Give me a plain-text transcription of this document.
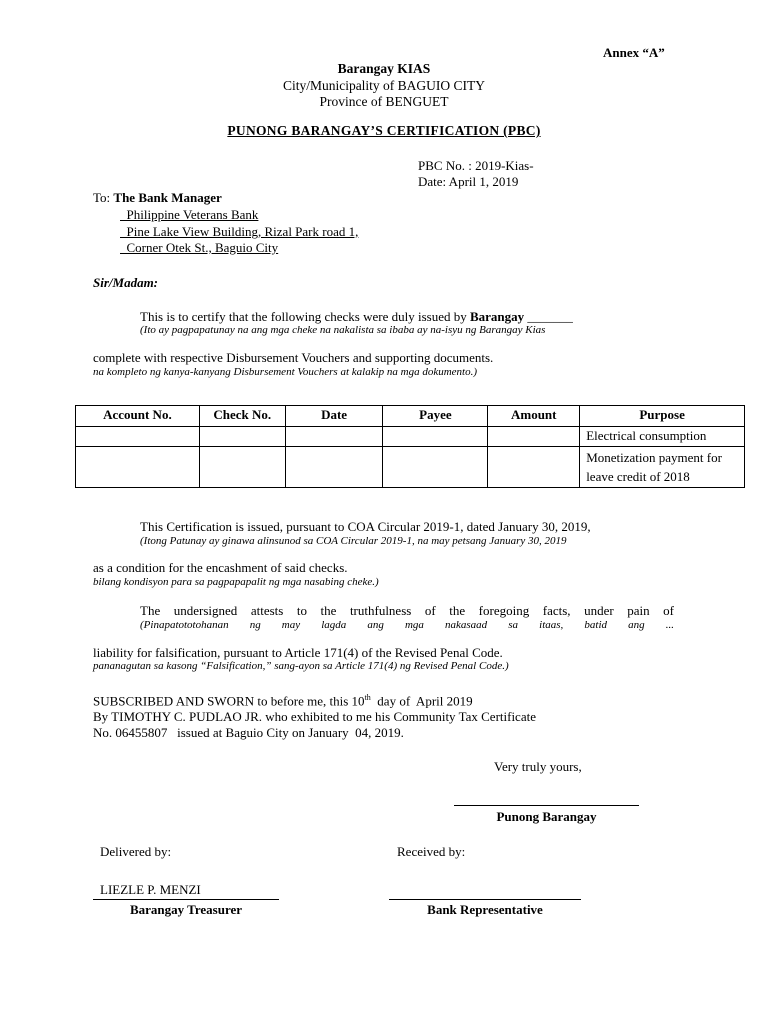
Annex “A”
Barangay KIAS
City/Municipality of BAGUIO CITY
Province of BENGUET
PUNONG BARANGAY’S CERTIFICATION (PBC)
PBC No. : 2019-Kias-
Date: April 1, 2019
To: The Bank Manager
Philippine Veterans Bank
Pine Lake View Building, Rizal Park road 1,
Corner Otek St., Baguio City
Sir/Madam:
This is to certify that the following checks were duly issued by Barangay _______
(Ito ay pagpapatunay na ang mga cheke na nakalista sa ibaba ay na-isyu ng Barangay Kias
complete with respective Disbursement Vouchers and supporting documents.
na kompleto ng kanya-kanyang Disbursement Vouchers at kalakip na mga dokumento.)
Account No.	Check No.	Date	Payee	Amount	Purpose
					Electrical consumption
					Monetization payment for leave credit of 2018
This Certification is issued, pursuant to COA Circular 2019-1, dated January 30, 2019,
(Itong Patunay ay ginawa alinsunod sa COA Circular 2019-1, na may petsang January 30, 2019
as a condition for the encashment of said checks.
bilang kondisyon para sa pagpapapalit ng mga nasabing cheke.)
The undersigned attests to the truthfulness of the foregoing facts, under pain of
(Pinapatototohanan ng may lagda ang mga nakasaad sa itaas, batid ang ...
liability for falsification, pursuant to Article 171(4) of the Revised Penal Code.
pananagutan sa kasong “Falsification,” sang-ayon sa Article 171(4) ng Revised Penal Code.)
SUBSCRIBED AND SWORN to before me, this 10th  day of  April 2019
By TIMOTHY C. PUDLAO JR. who exhibited to me his Community Tax Certificate
No. 06455807   issued at Baguio City on January  04, 2019.
Very truly yours,
Punong Barangay
Delivered by:	Received by:
LIEZLE P. MENZI
Barangay Treasurer	Bank Representative
